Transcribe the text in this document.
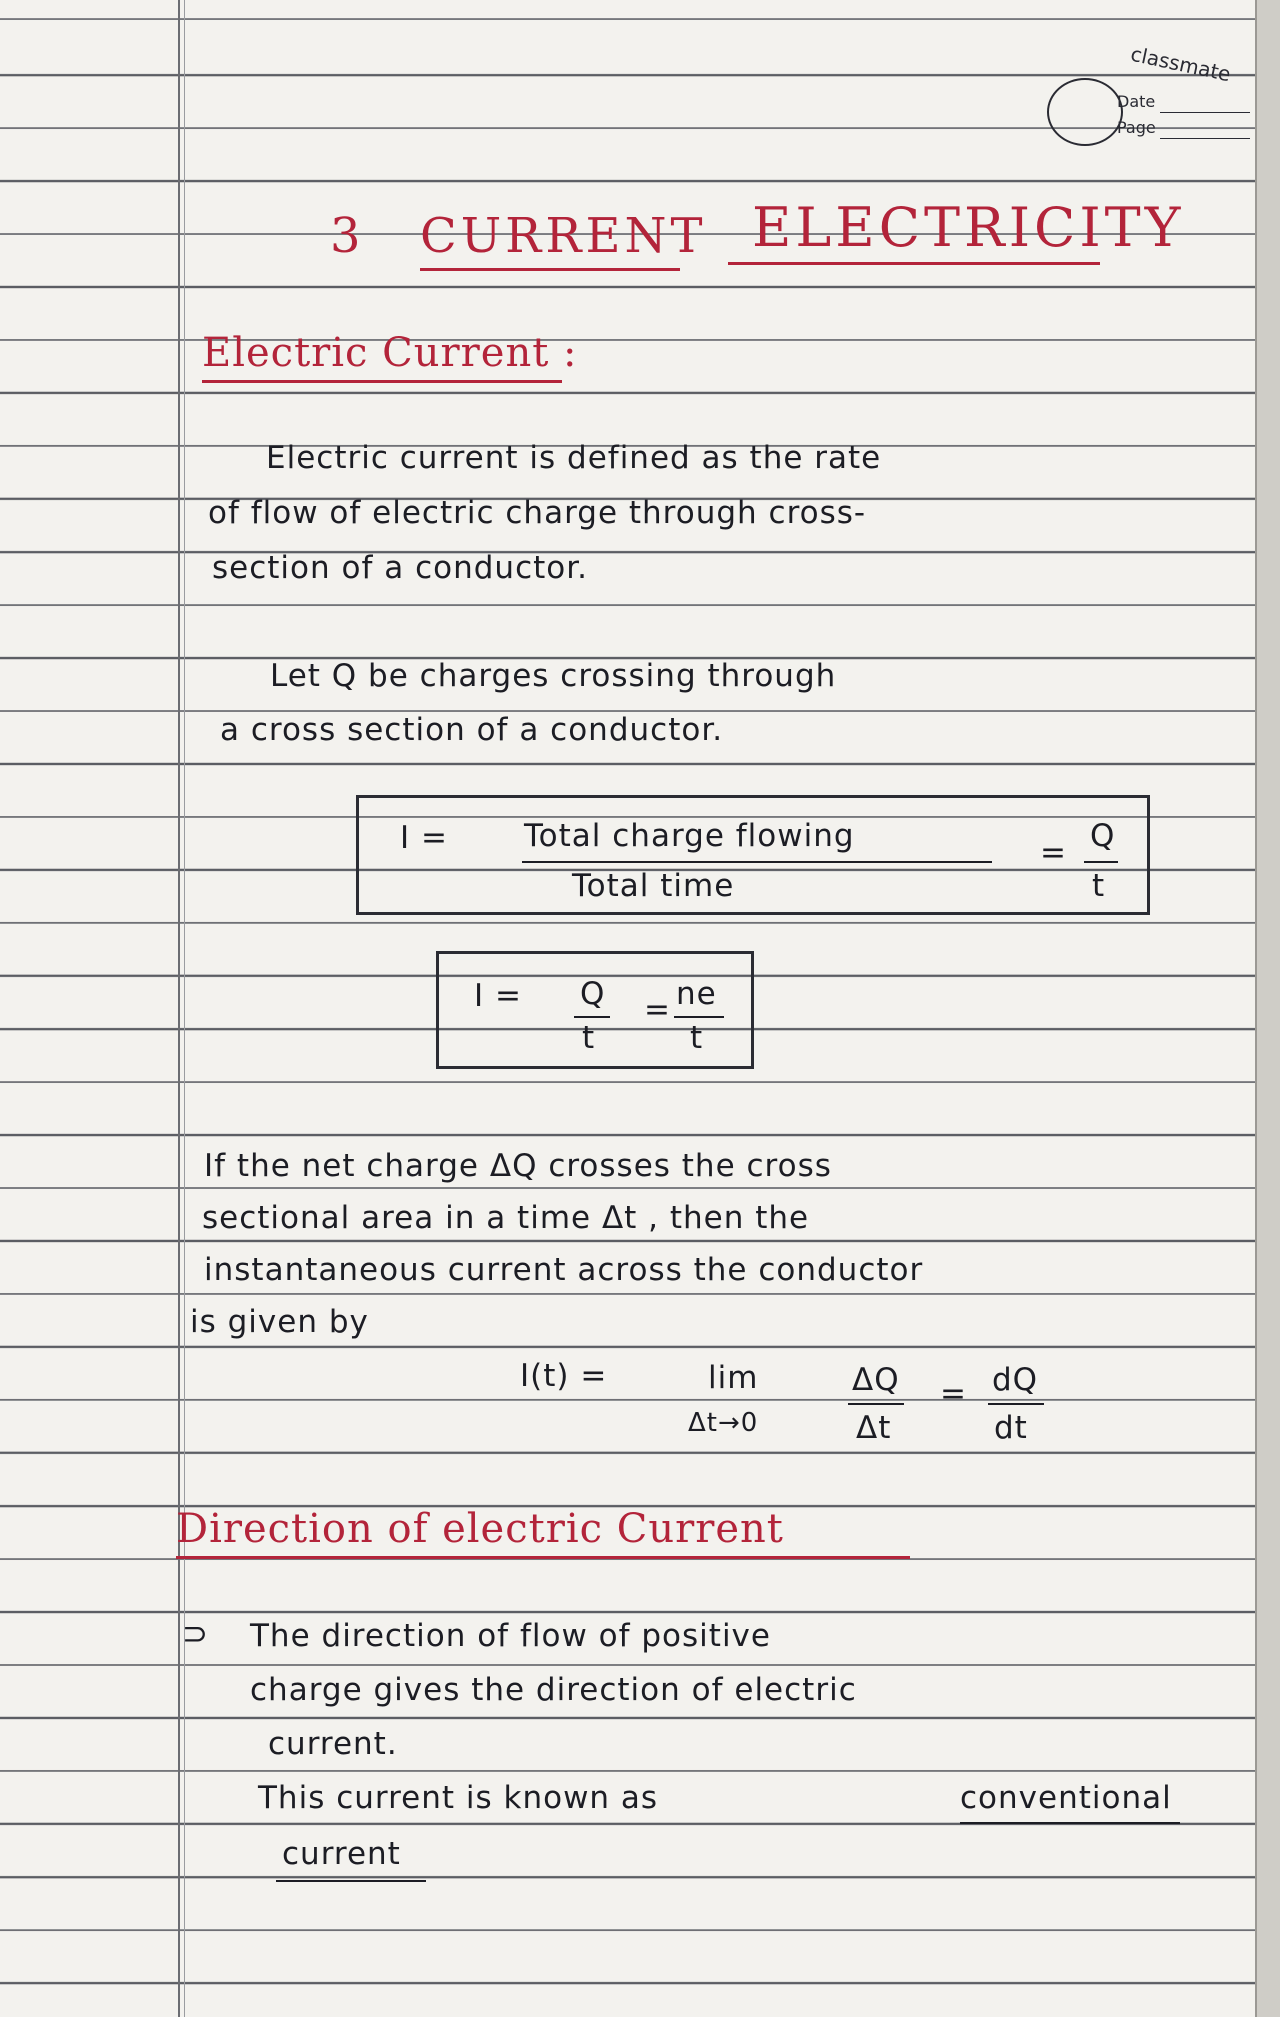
classmate
Date
Page
3 CURRENT ELECTRICITY
Electric Current :
Electric current is defined as the rate
of flow of electric charge through cross-
section of a conductor.
Let Q be charges crossing through
a cross section of a conductor.
I = Total charge flowing
Total time
= Q
t
I = Q
t
= ne
t
If the net charge ΔQ crosses the cross
sectional area in a time Δt , then the
instantaneous current across the conductor
is given by
I(t) =	lim
Δt→0
ΔQ
Δt
= dQ
dt
Direction of electric Current
⊃ The direction of flow of positive
charge gives the direction of electric
current.
This current is known as	conventional
current
